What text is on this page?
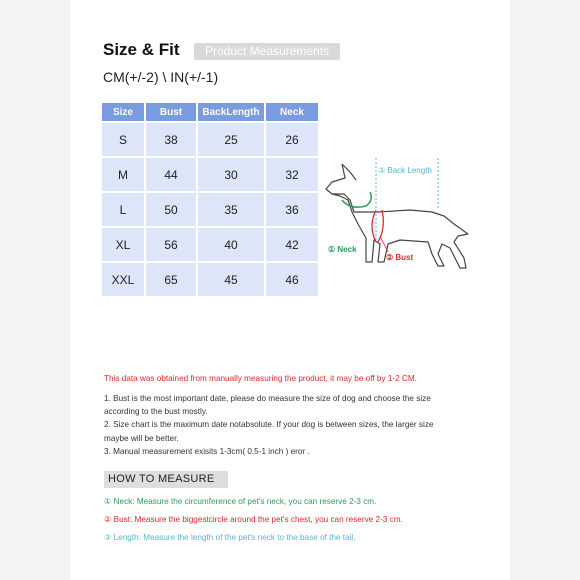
Size & Fit	Product Measurements
CM(+/-2) \ IN(+/-1)
Size	Bust	BackLength	Neck
S	38	25	26
M	44	30	32
L	50	35	36
XL	56	40	42
XXL	65	45	46
③ Back Length
① Neck
② Bust
This data was obtained from manually measuring the product, it may be off by 1-2 CM.

1. Bust is the most important date, please do measure the size of dog and choose the size according to the bust mostly.

2. Size chart is the maximum date notabsolute. If your dog is between sizes, the larger size maybe will be better.

3. Manual measurement exisits 1-3cm( 0.5-1 inch ) eror .

HOW TO MEASURE
① Neck: Measure the circumference of pet's neck, you can reserve 2-3 cm.
② Bust: Measure the biggestcircle around the pet's chest, you can reserve 2-3 cm.
③ Length: Measure the length of the pet's neck to the base of the tail.
